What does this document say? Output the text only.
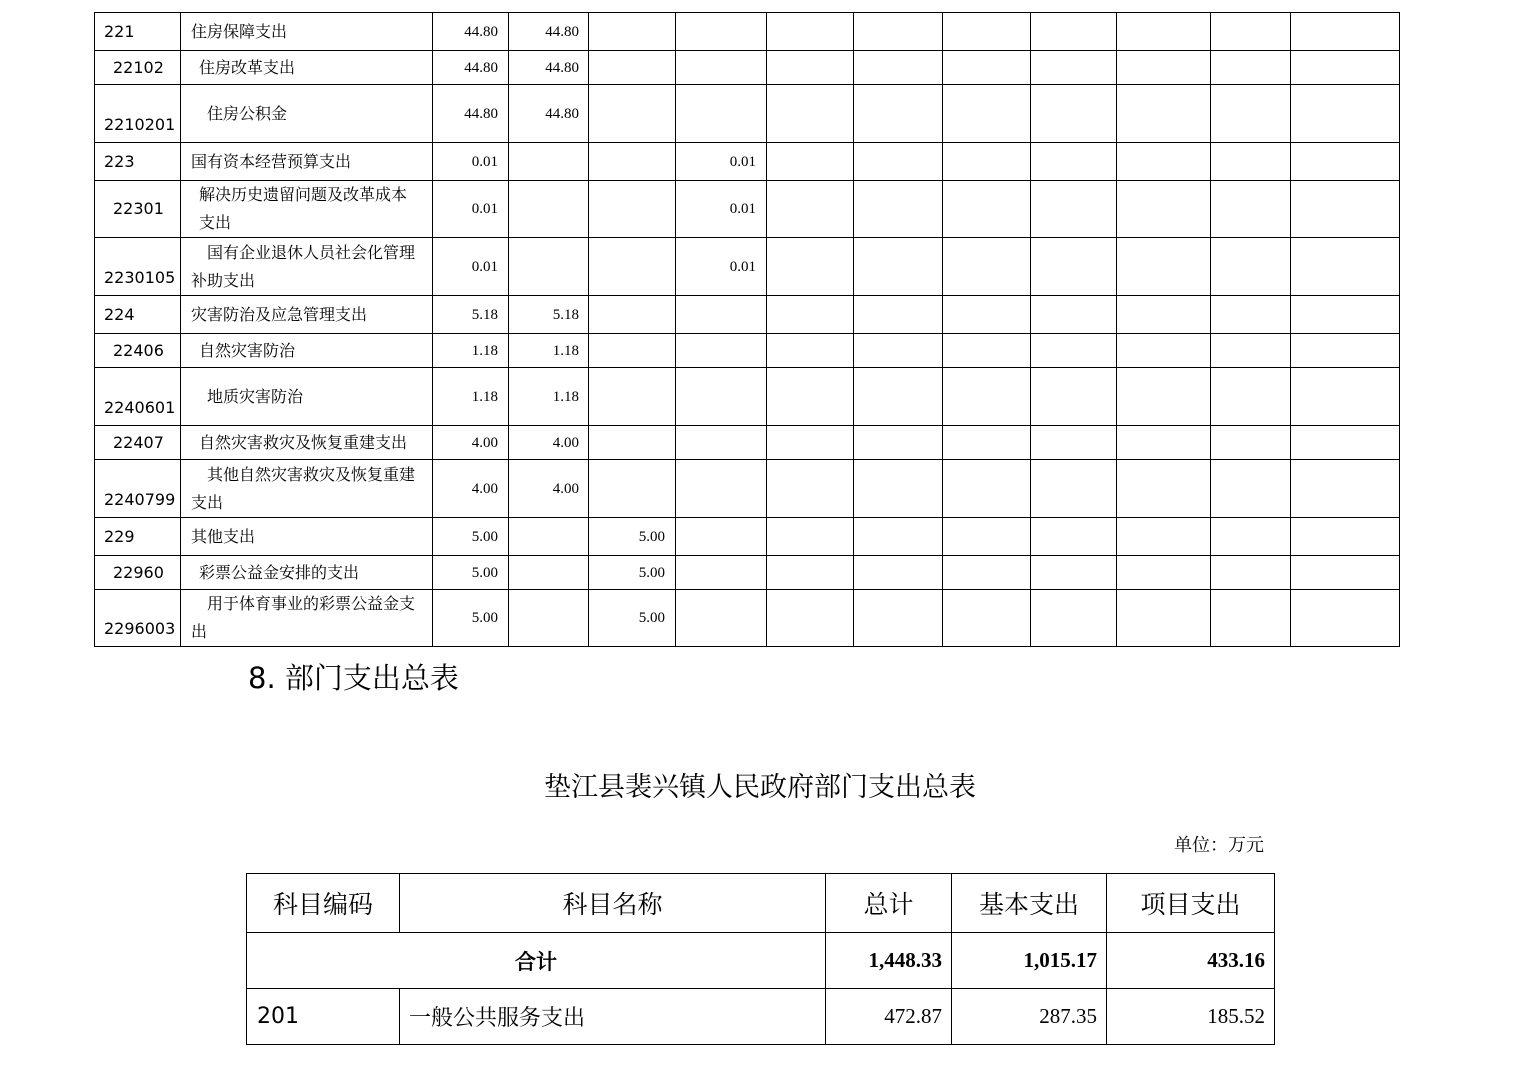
221	住房保障支出	44.80	44.80									
22102	住房改革支出	44.80	44.80									
2210201	住房公积金	44.80	44.80									
223	国有资本经营预算支出	0.01			0.01							
22301	解决历史遗留问题及改革成本
支出	0.01			0.01							
2230105	国有企业退休人员社会化管理
补助支出	0.01			0.01							
224	灾害防治及应急管理支出	5.18	5.18									
22406	自然灾害防治	1.18	1.18									
2240601	地质灾害防治	1.18	1.18									
22407	自然灾害救灾及恢复重建支出	4.00	4.00									
2240799	其他自然灾害救灾及恢复重建
支出	4.00	4.00									
229	其他支出	5.00		5.00								
22960	彩票公益金安排的支出	5.00		5.00								
2296003	用于体育事业的彩票公益金支
出	5.00		5.00								
8. 部门支出总表
垫江县裴兴镇人民政府部门支出总表
单位：万元
科目编码	科目名称	总计	基本支出	项目支出
合计		1,448.33	1,015.17	433.16
201	一般公共服务支出	472.87	287.35	185.52
